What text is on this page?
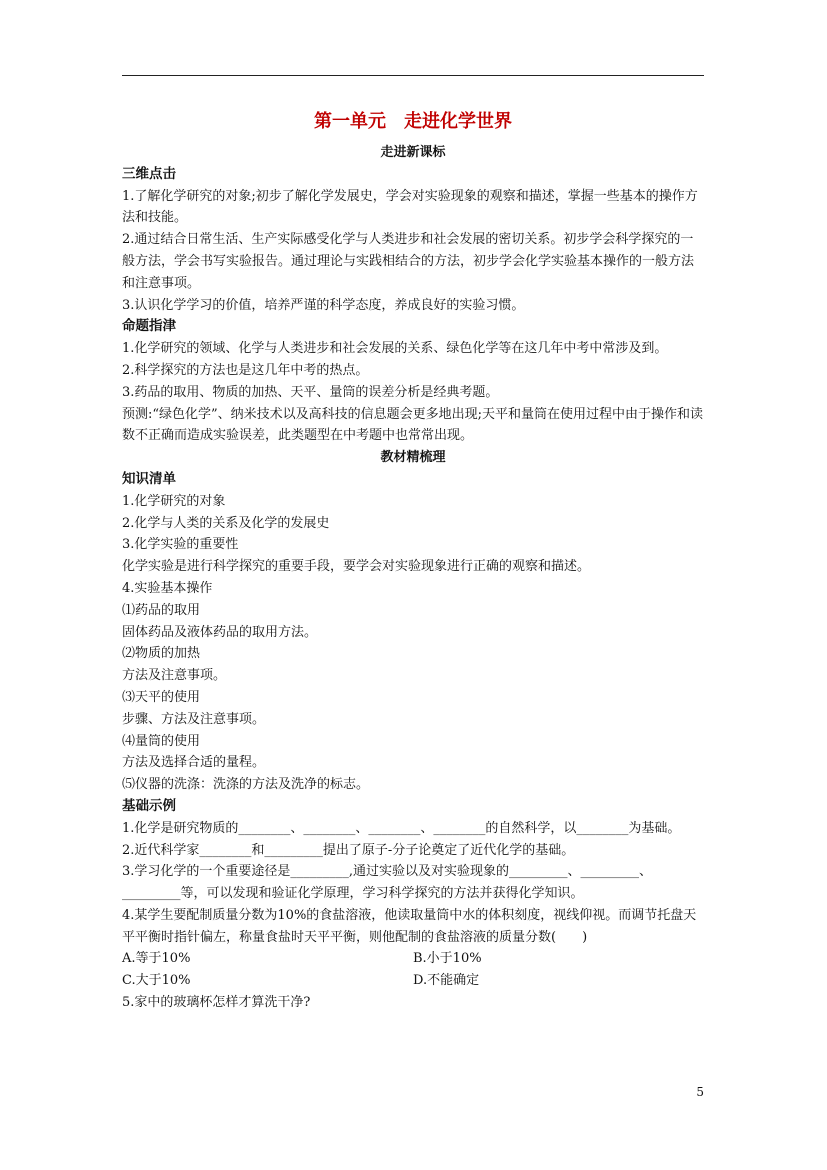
第一单元　走进化学世界
走进新课标
三维点击

1.了解化学研究的对象;初步了解化学发展史，学会对实验现象的观察和描述，掌握一些基本的操作方法和技能。

2.通过结合日常生活、生产实际感受化学与人类进步和社会发展的密切关系。初步学会科学探究的一般方法，学会书写实验报告。通过理论与实践相结合的方法，初步学会化学实验基本操作的一般方法和注意事项。

3.认识化学学习的价值，培养严谨的科学态度，养成良好的实验习惯。

命题指津

1.化学研究的领域、化学与人类进步和社会发展的关系、绿色化学等在这几年中考中常涉及到。

2.科学探究的方法也是这几年中考的热点。

3.药品的取用、物质的加热、天平、量筒的误差分析是经典考题。

预测:“绿色化学”、纳米技术以及高科技的信息题会更多地出现;天平和量筒在使用过程中由于操作和读数不正确而造成实验误差，此类题型在中考题中也常常出现。

教材精梳理
知识清单

1.化学研究的对象

2.化学与人类的关系及化学的发展史

3.化学实验的重要性

化学实验是进行科学探究的重要手段，要学会对实验现象进行正确的观察和描述。

4.实验基本操作

⑴药品的取用

固体药品及液体药品的取用方法。

⑵物质的加热

方法及注意事项。

⑶天平的使用

步骤、方法及注意事项。

⑷量筒的使用

方法及选择合适的量程。

⑸仪器的洗涤：洗涤的方法及洗净的标志。

基础示例

1.化学是研究物质的________、________、________、________的自然科学，以________为基础。

2.近代科学家________和_________提出了原子-分子论奠定了近代化学的基础。

3.学习化学的一个重要途径是_________,通过实验以及对实验现象的_________、_________、_________等，可以发现和验证化学原理，学习科学探究的方法并获得化学知识。

4.某学生要配制质量分数为10%的食盐溶液，他读取量筒中水的体积刻度，视线仰视。而调节托盘天平平衡时指针偏左，称量食盐时天平平衡，则他配制的食盐溶液的质量分数(　　)

A.等于10%	B.小于10%
C.大于10%	D.不能确定

5.家中的玻璃杯怎样才算洗干净?

5
